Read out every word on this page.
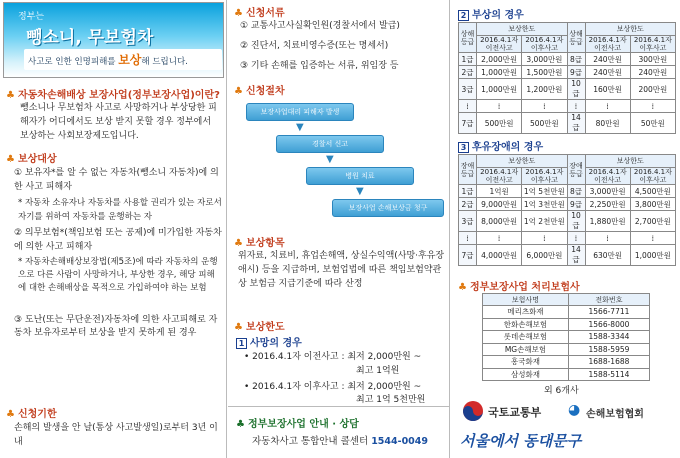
정부는
뺑소니, 무보험차
사고로 인한 인명피해를 보상해 드립니다.
♣ 자동차손해배상 보장사업(정부보장사업)이란?
뺑소니나 무보험차 사고로 사망하거나 부상당한 피해자가 어디에서도 보상 받지 못할 경우 정부에서 보상하는 사회보장제도입니다.
♣ 보상대상
① 보유자*를 알 수 없는 자동차(뺑소니 자동차)에 의한 사고 피해자
* 자동차 소유자나 자동차를 사용할 권리가 있는 자로서 자기를 위하여 자동차를 운행하는 자
② 의무보험*(책임보험 또는 공제)에 미가입한 자동차에 의한 사고 피해자
* 자동차손해배상보장법(제5조)에 따라 자동차의 운행으로 다른 사람이 사망하거나, 부상한 경우, 해당 피해에 대한 손해배상을 목적으로 가입하여야 하는 보험
③ 도난(또는 무단운전)자동차에 의한 사고피해로 자동차 보유자로부터 보상을 받지 못하게 된 경우
♣ 신청기한
손해의 발생을 안 날(통상 사고발생일)로부터 3년 이내
♣ 신청서류
① 교통사고사실확인원(경찰서에서 발급)
② 진단서, 치료비영수증(또는 명세서)
③ 기타 손해를 입증하는 서류, 위임장 등
♣ 신청절차
보장사업대리 피해자 발생
▼
경찰서 신고
▼
병원 치료
▼
보장사업 손해보상금 청구
♣ 보상항목
위자료, 치료비, 휴업손해액, 상실수익액(사망·후유장애시) 등을 지급하며, 보험업법에 따른 책임보험약관상 보험금 지급기준에 따라 산정
♣ 보상한도
1 사망의 경우
• 2016.4.1자 이전사고 : 최저 2,000만원 ~
최고 1억원
• 2016.4.1자 이후사고 : 최저 2,000만원 ~
최고 1억 5천만원
♣ 정부보장사업 안내 · 상담
자동차사고 통합안내 콜센터 1544-0049
2 부상의 경우
상해등급	보상한도		상해등급	보상한도	
	2016.4.1자 이전사고	2016.4.1자 이후사고		2016.4.1자 이전사고	2016.4.1자 이후사고
1급	2,000만원	3,000만원	8급	240만원	300만원
2급	1,000만원	1,500만원	9급	240만원	240만원
3급	1,000만원	1,200만원	10급	160만원	200만원
⁞	⁞	⁞	⁞	⁞	⁞
7급	500만원	500만원	14급	80만원	50만원
3 후유장애의 경우
장애등급	보상한도		장애등급	보상한도	
	2016.4.1자 이전사고	2016.4.1자 이후사고		2016.4.1자 이전사고	2016.4.1자 이후사고
1급	1억원	1억 5천만원	8급	3,000만원	4,500만원
2급	9,000만원	1억 3천만원	9급	2,250만원	3,800만원
3급	8,000만원	1억 2천만원	10급	1,880만원	2,700만원
⁞	⁞	⁞	⁞	⁞	⁞
7급	4,000만원	6,000만원	14급	630만원	1,000만원
♣ 정부보장사업 처리보험사
보험사명	전화번호
메리츠화재	1566-7711
한화손해보험	1566-8000
롯데손해보험	1588-3344
MG손해보험	1588-5959
흥국화재	1688-1688
삼성화재	1588-5114
외 6개사
국토교통부 ◕ 손해보험협회
서울에서 동대문구
